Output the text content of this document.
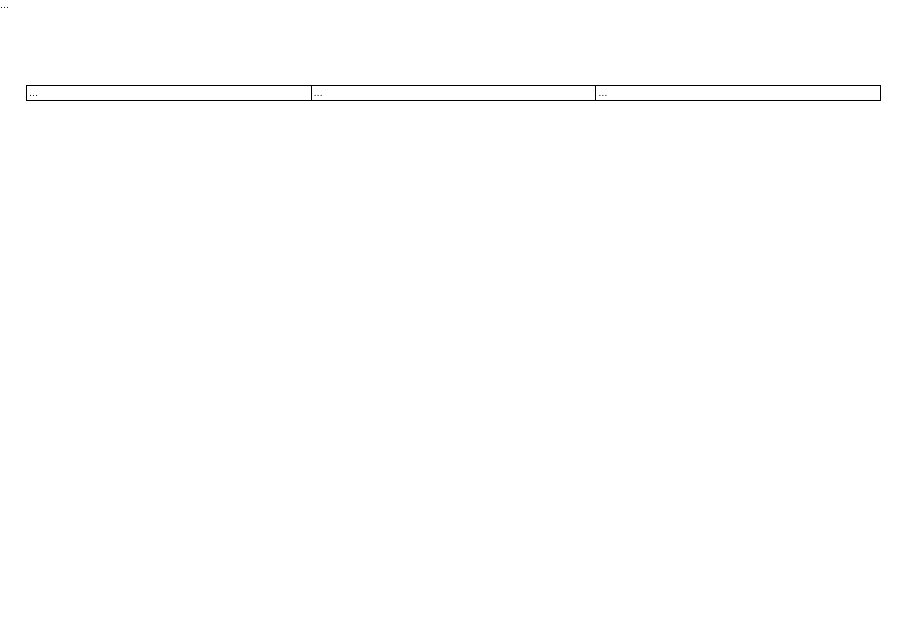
…
…	…	…
